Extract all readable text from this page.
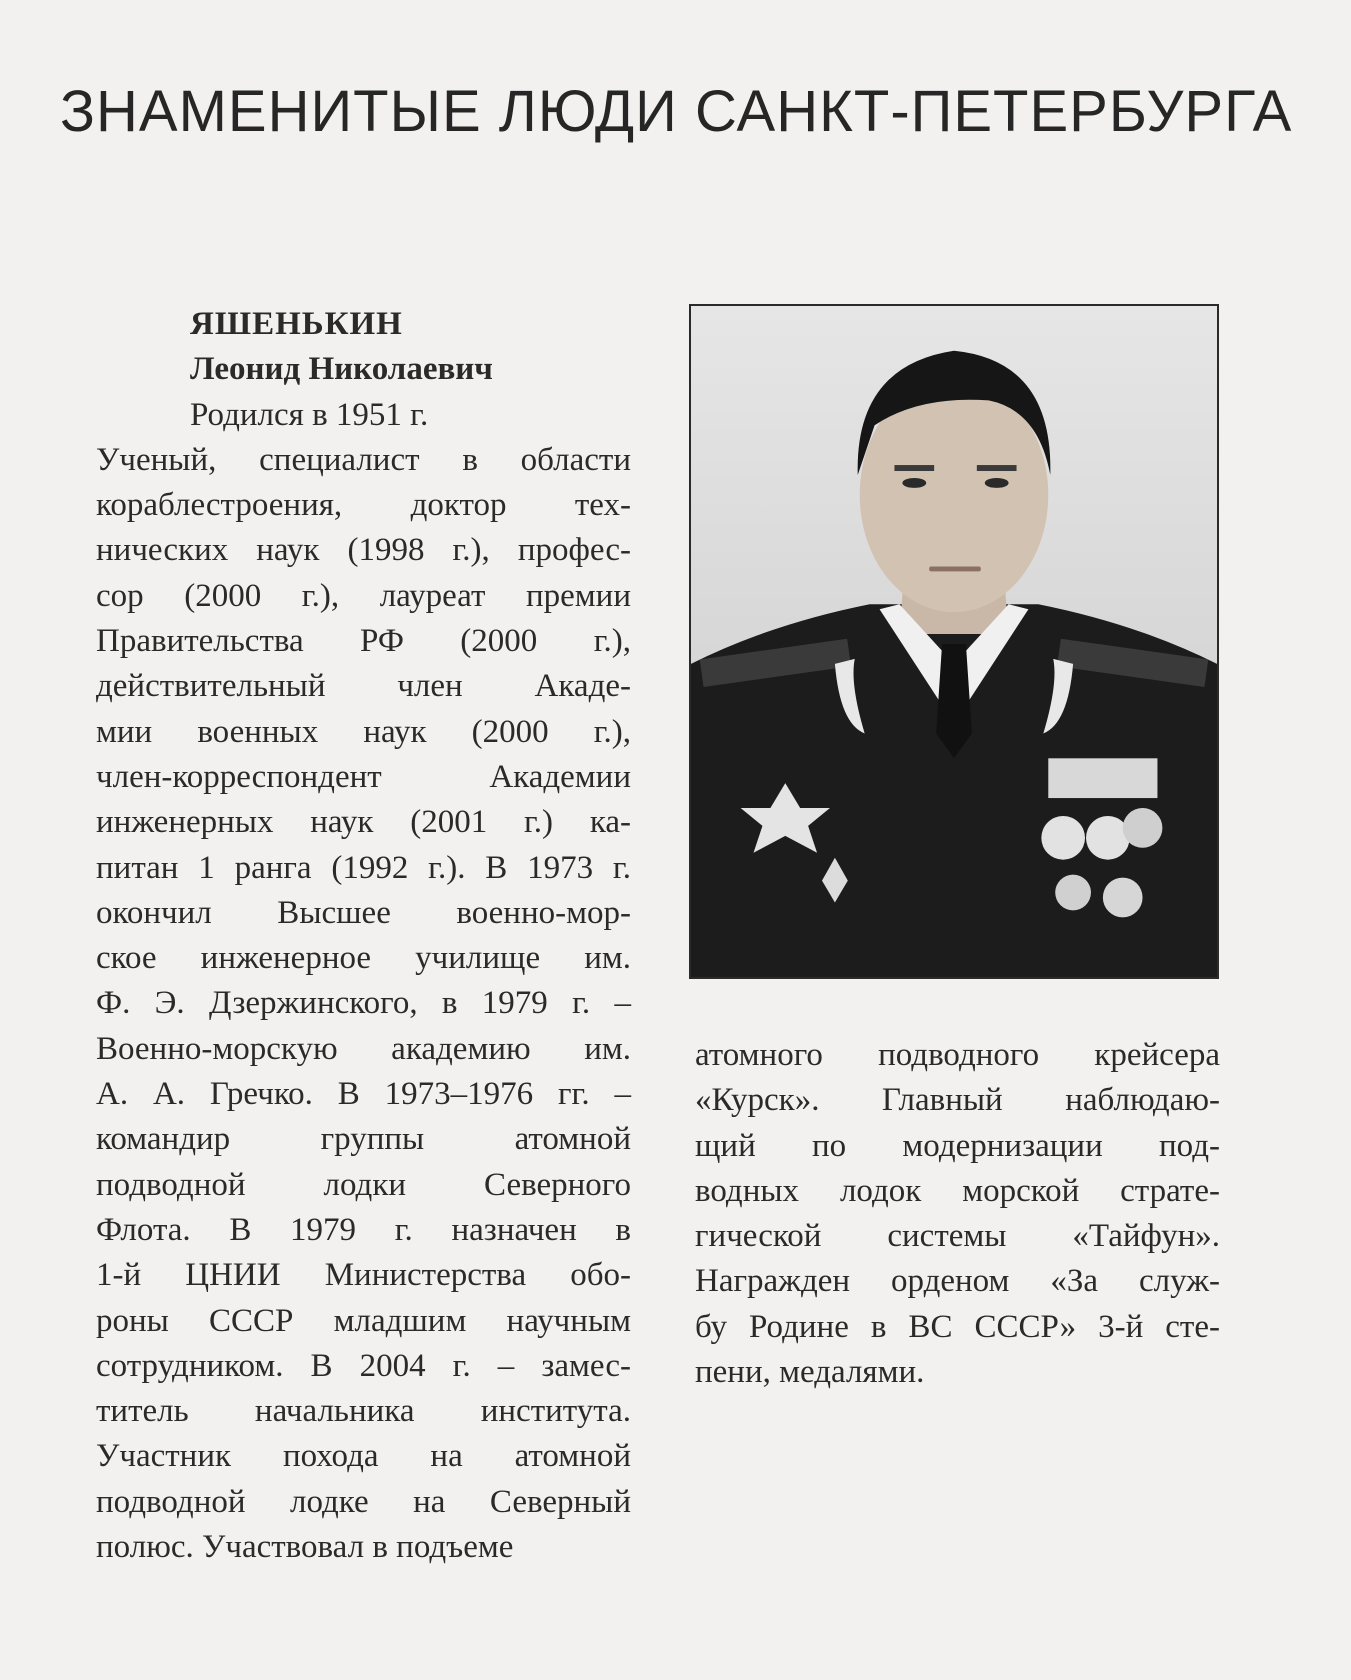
ЗНАМЕНИТЫЕ ЛЮДИ САНКТ-ПЕТЕРБУРГА
ЯШЕНЬКИН
Леонид Николаевич
Родился в 1951 г.
Ученый, специалист в области
кораблестроения, доктор тех-
нических наук (1998 г.), профес-
сор (2000 г.), лауреат премии
Правительства РФ (2000 г.),
действительный член Акаде-
мии военных наук (2000 г.),
член-корреспондент Академии
инженерных наук (2001 г.) ка-
питан 1 ранга (1992 г.). В 1973 г.
окончил Высшее военно-мор-
ское инженерное училище им.
Ф. Э. Дзержинского, в 1979 г. –
Военно-морскую академию им.
А. А. Гречко. В 1973–1976 гг. –
командир группы атомной
подводной лодки Северного
Флота. В 1979 г. назначен в
1-й ЦНИИ Министерства обо-
роны СССР младшим научным
сотрудником. В 2004 г. – замес-
титель начальника института.
Участник похода на атомной
подводной лодке на Северный
полюс. Участвовал в подъеме
атомного подводного крейсера
«Курск». Главный наблюдаю-
щий по модернизации под-
водных лодок морской страте-
гической системы «Тайфун».
Награжден орденом «За служ-
бу Родине в ВС СССР» 3-й сте-
пени, медалями.
